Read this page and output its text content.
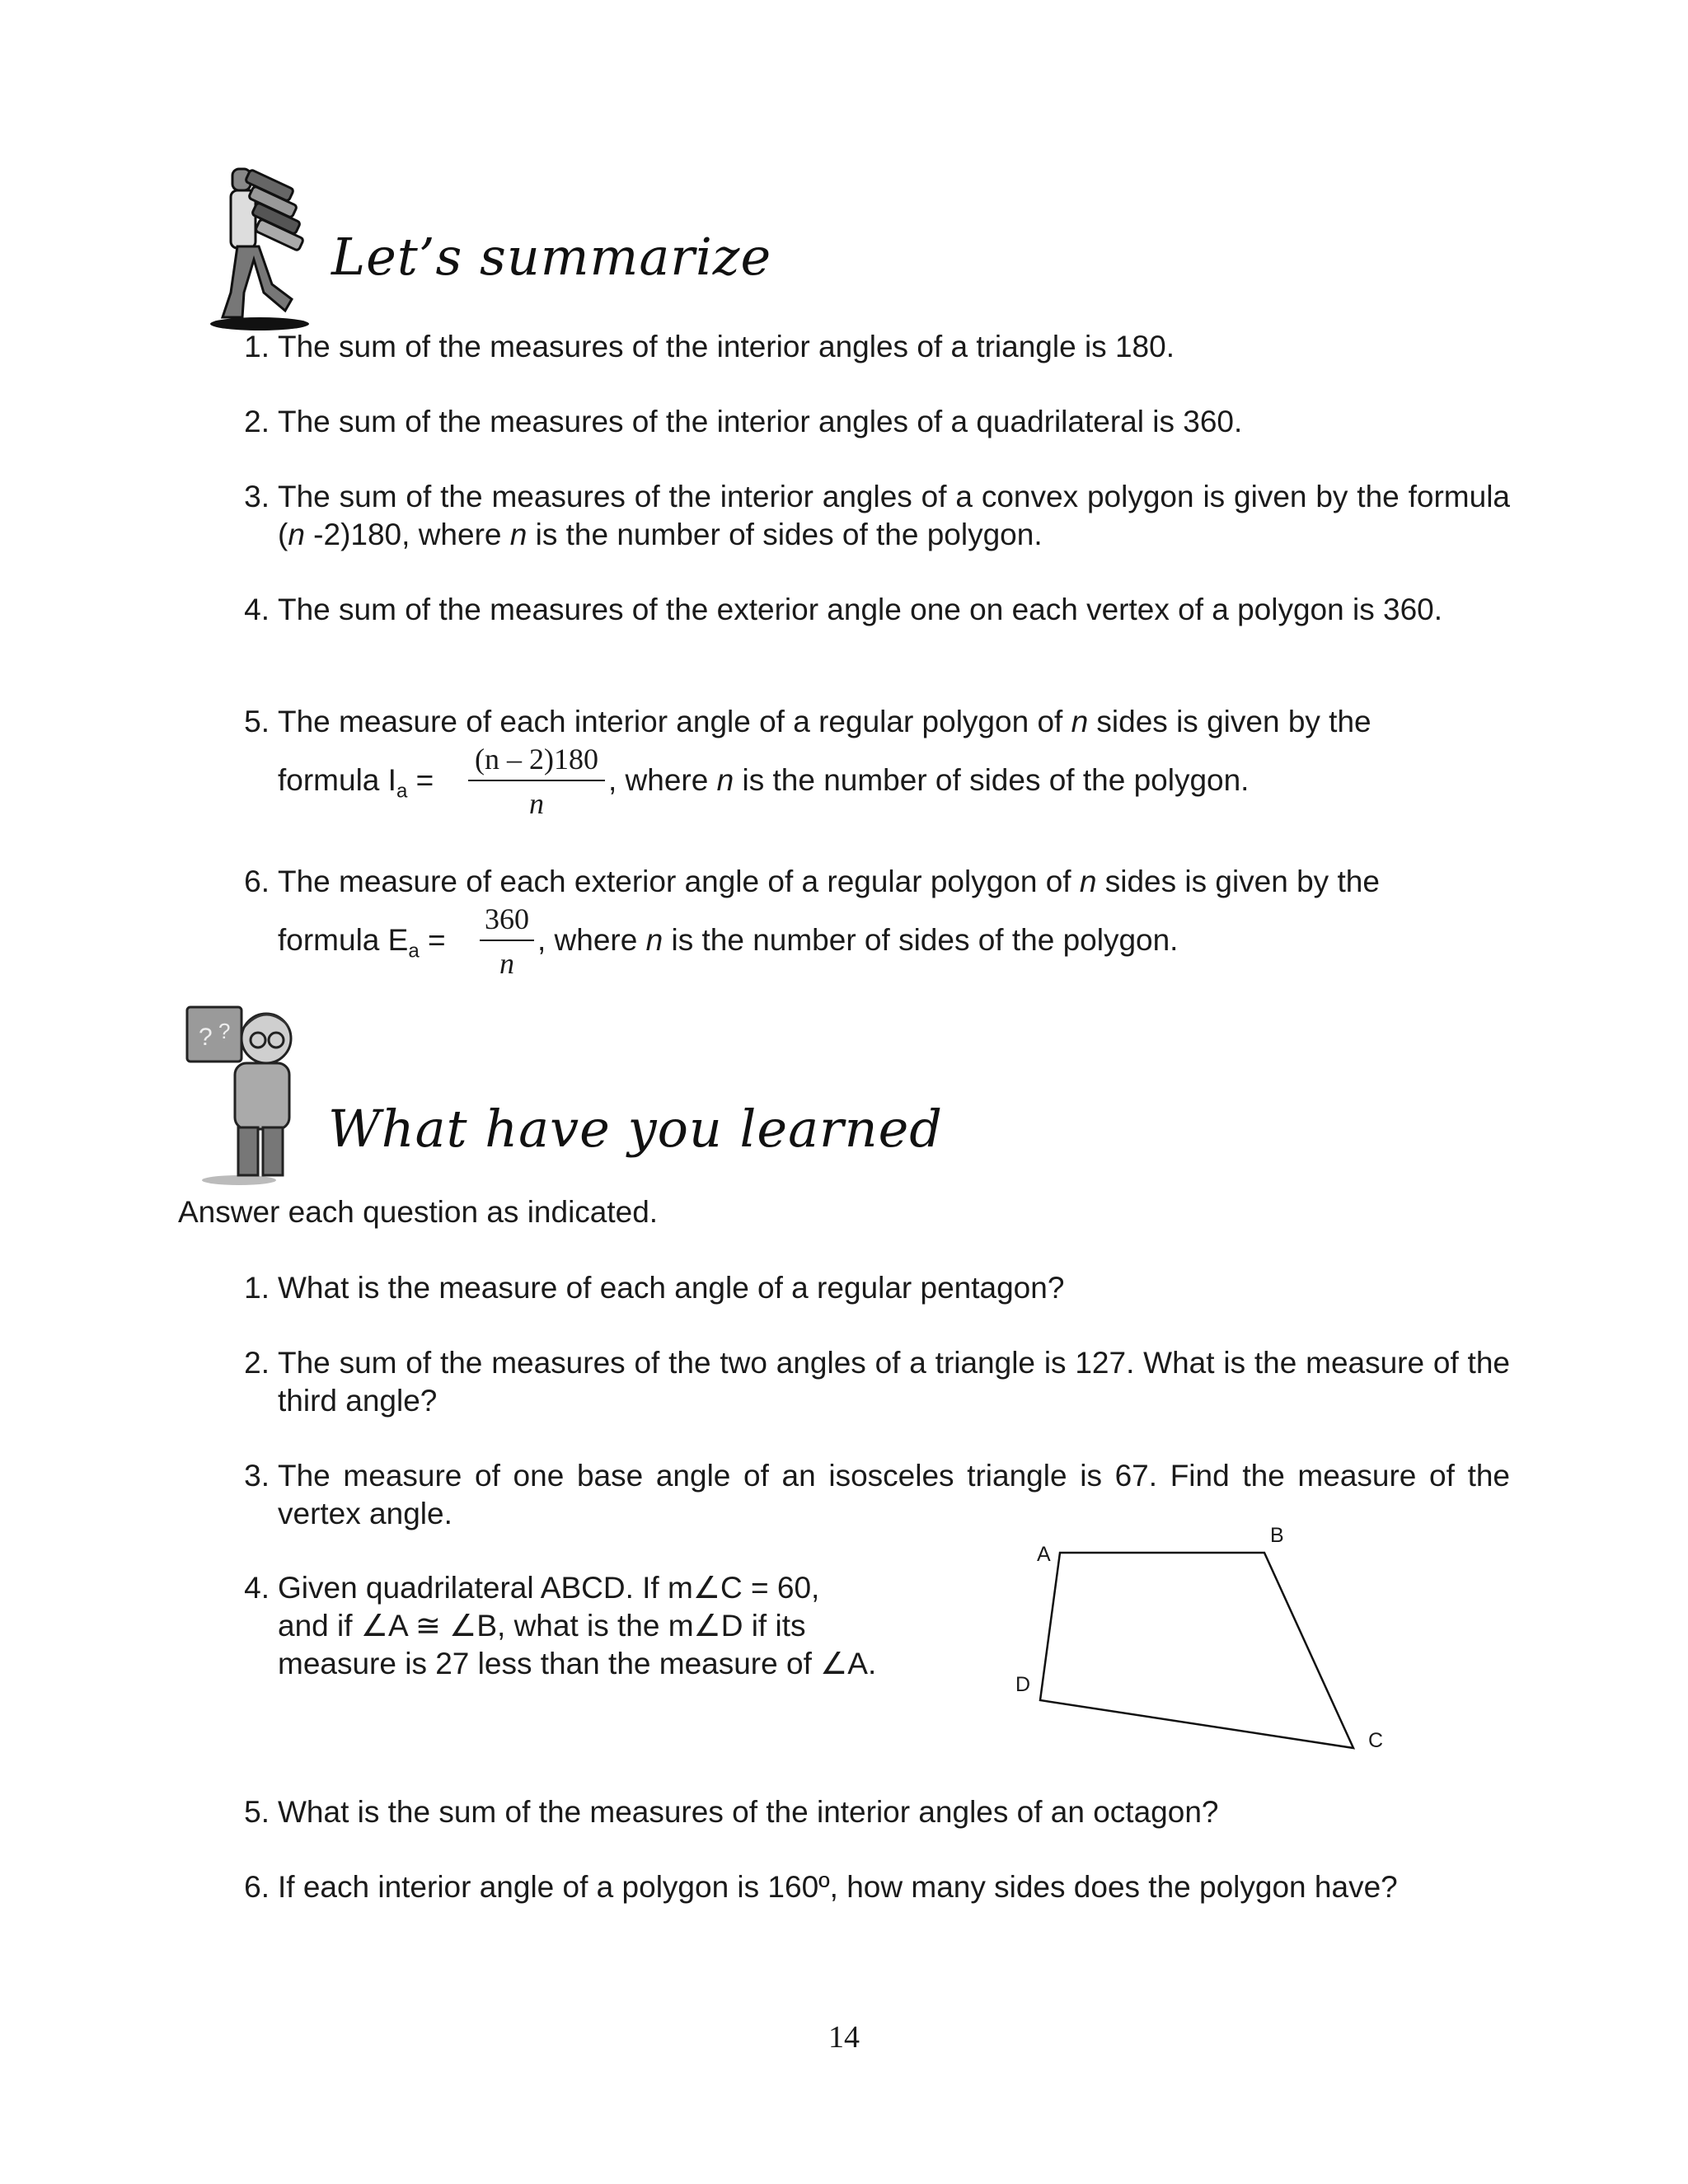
Let’s summarize
1. The sum of the measures of the interior angles of a triangle is 180.
2. The sum of the measures of the interior angles of a quadrilateral is 360.
3. The sum of the measures of the interior angles of a convex polygon is given by the formula (n -2)180, where n is the number of sides of the polygon.
4. The sum of the measures of the exterior angle one on each vertex of a polygon is 360.
5. The measure of each interior angle of a regular polygon of n sides is given by the
formula $I_a$ =
(n – 2)180
n
, where n is the number of sides of the polygon.
6. The measure of each exterior angle of a regular polygon of n sides is given by the
formula $E_a$ =
360
n
, where n is the number of sides of the polygon.
? ?
What have you learned
Answer each question as indicated.
1. What is the measure of each angle of a regular pentagon?
2. The sum of the measures of the two angles of a triangle is 127. What is the measure of the third angle?
3. The measure of one base angle of an isosceles triangle is 67. Find the measure of the vertex angle.
4. Given quadrilateral ABCD. If m∠C = 60,
and if ∠A ≅ ∠B, what is the m∠D if its
measure is 27 less than the measure of ∠A.
A
B
C
D
5. What is the sum of the measures of the interior angles of an octagon?
6. If each interior angle of a polygon is 160º, how many sides does the polygon have?
14
